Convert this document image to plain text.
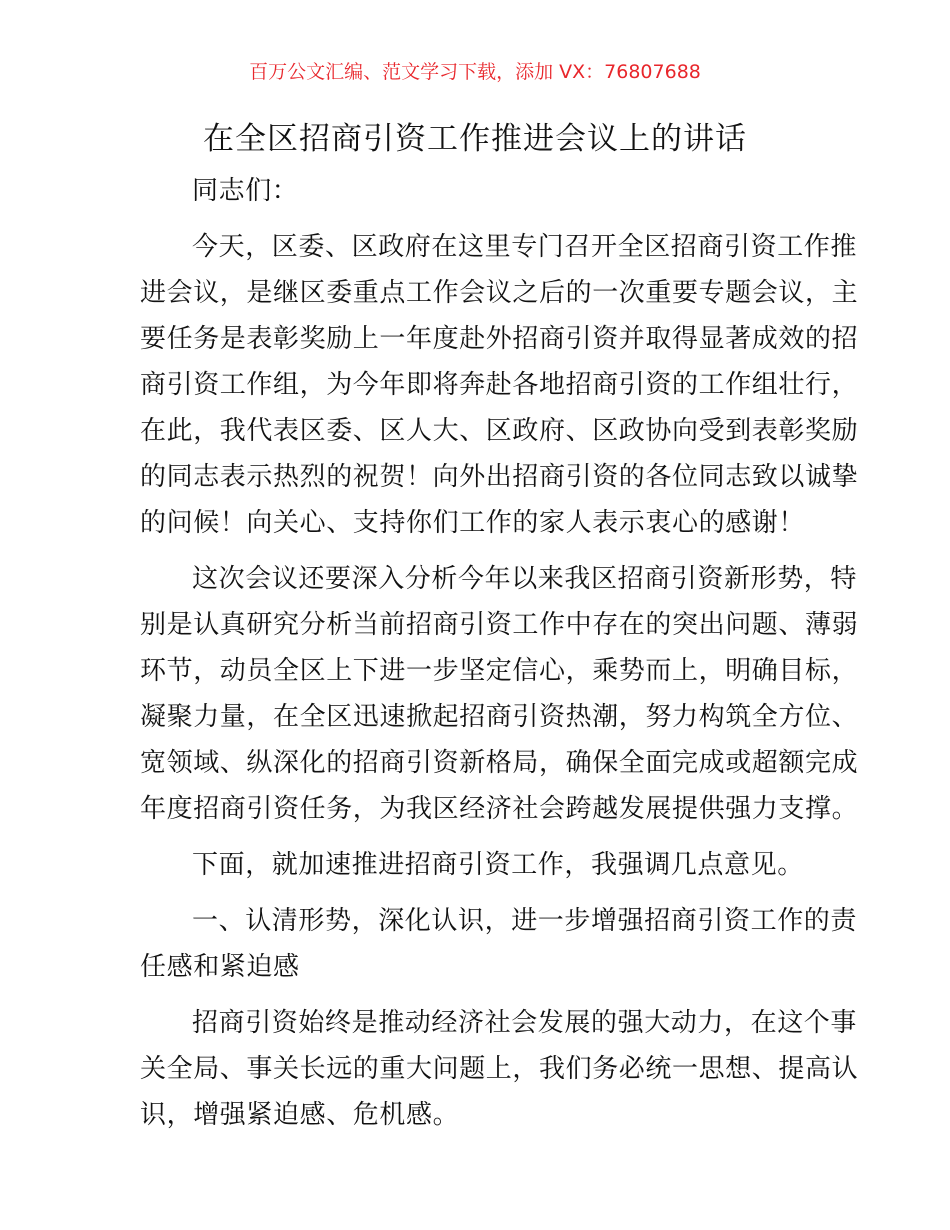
百万公文汇编、范文学习下载，添加 VX：76807688
在全区招商引资工作推进会议上的讲话
同志们：
今天，区委、区政府在这里专门召开全区招商引资工作推
进会议，是继区委重点工作会议之后的一次重要专题会议，主
要任务是表彰奖励上一年度赴外招商引资并取得显著成效的招
商引资工作组，为今年即将奔赴各地招商引资的工作组壮行，
在此，我代表区委、区人大、区政府、区政协向受到表彰奖励
的同志表示热烈的祝贺！向外出招商引资的各位同志致以诚挚
的问候！向关心、支持你们工作的家人表示衷心的感谢！
这次会议还要深入分析今年以来我区招商引资新形势，特
别是认真研究分析当前招商引资工作中存在的突出问题、薄弱
环节，动员全区上下进一步坚定信心，乘势而上，明确目标，
凝聚力量，在全区迅速掀起招商引资热潮，努力构筑全方位、
宽领域、纵深化的招商引资新格局，确保全面完成或超额完成
年度招商引资任务，为我区经济社会跨越发展提供强力支撑。
下面，就加速推进招商引资工作，我强调几点意见。
一、认清形势，深化认识，进一步增强招商引资工作的责
任感和紧迫感
招商引资始终是推动经济社会发展的强大动力，在这个事
关全局、事关长远的重大问题上，我们务必统一思想、提高认
识，增强紧迫感、危机感。
